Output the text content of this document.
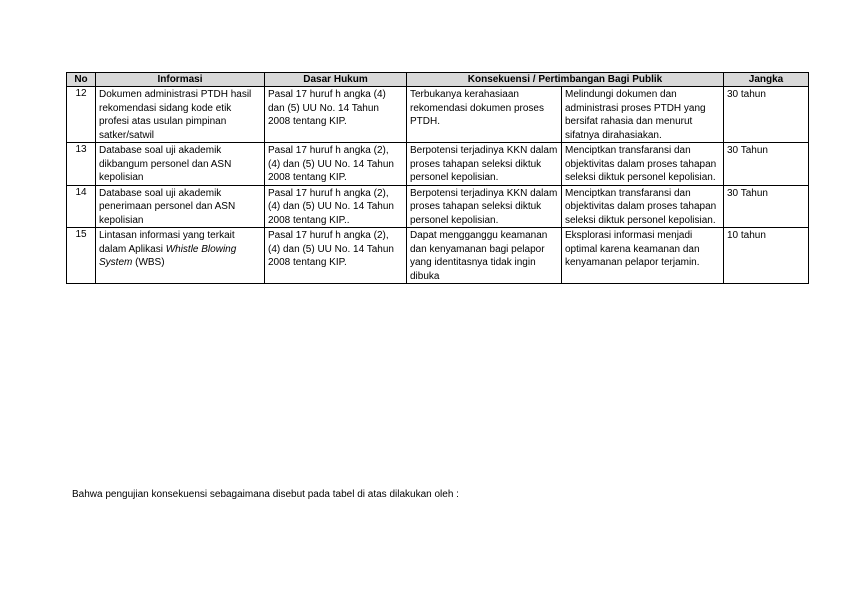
No	Informasi	Dasar Hukum	Konsekuensi / Pertimbangan Bagi Publik		Jangka
12	Dokumen administrasi PTDH hasil rekomendasi sidang kode etik profesi atas usulan pimpinan satker/satwil	Pasal 17 huruf h angka (4) dan (5) UU No. 14 Tahun 2008 tentang KIP.	Terbukanya kerahasiaan rekomendasi dokumen proses PTDH.	Melindungi dokumen dan administrasi proses PTDH yang bersifat rahasia dan menurut sifatnya dirahasiakan.	30 tahun
13	Database soal uji akademik dikbangum personel dan ASN kepolisian	Pasal 17 huruf h angka (2), (4) dan (5) UU No. 14 Tahun 2008 tentang KIP.	Berpotensi terjadinya KKN dalam proses tahapan seleksi diktuk personel kepolisian.	Menciptkan transfaransi dan objektivitas dalam proses tahapan seleksi diktuk personel kepolisian.	30 Tahun
14	Database soal uji akademik penerimaan personel dan ASN kepolisian	Pasal 17 huruf h angka (2), (4) dan (5) UU No. 14 Tahun 2008 tentang KIP..	Berpotensi terjadinya KKN dalam proses tahapan seleksi diktuk personel kepolisian.	Menciptkan transfaransi dan objektivitas dalam proses tahapan seleksi diktuk personel kepolisian.	30 Tahun
15	Lintasan informasi yang terkait dalam Aplikasi Whistle Blowing System (WBS)	Pasal 17 huruf h angka (2), (4) dan (5) UU No. 14 Tahun 2008 tentang KIP.	Dapat mengganggu keamanan dan kenyamanan bagi pelapor yang identitasnya tidak ingin dibuka	Eksplorasi informasi menjadi optimal karena keamanan dan kenyamanan pelapor terjamin.	10 tahun
Bahwa pengujian konsekuensi sebagaimana disebut pada tabel di atas dilakukan oleh :
